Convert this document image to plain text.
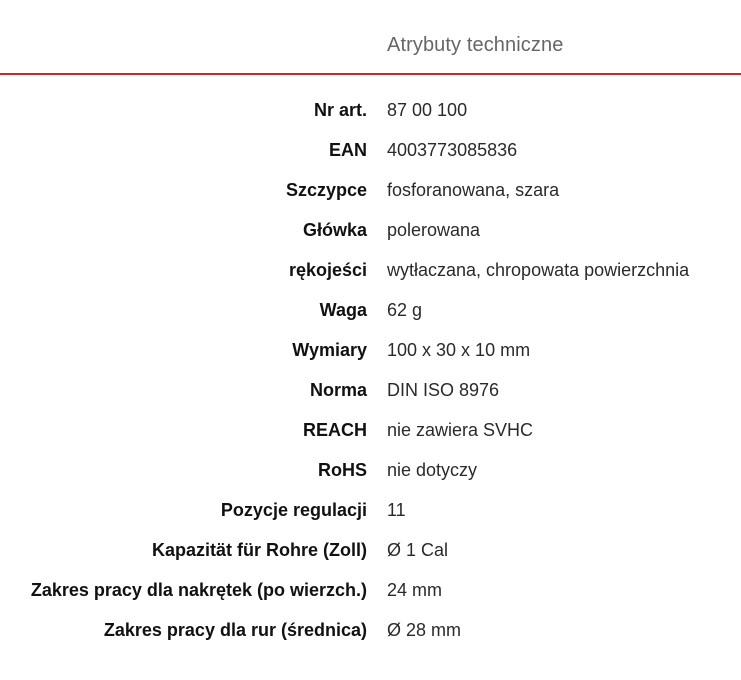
Atrybuty techniczne
Nr art. 87 00 100
EAN 4003773085836
Szczypce fosforanowana, szara
Główka polerowana
rękojeści wytłaczana, chropowata powierzchnia
Waga 62 g
Wymiary 100 x 30 x 10 mm
Norma DIN ISO 8976
REACH nie zawiera SVHC
RoHS nie dotyczy
Pozycje regulacji 11
Kapazität für Rohre (Zoll) Ø 1 Cal
Zakres pracy dla nakrętek (po wierzch.) 24 mm
Zakres pracy dla rur (średnica) Ø 28 mm
